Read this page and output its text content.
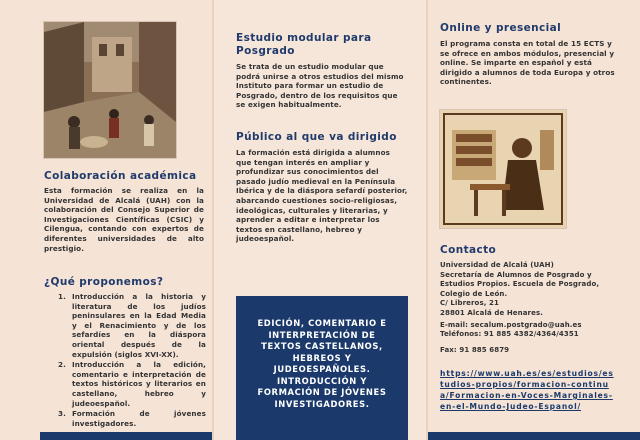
Colaboración académica
Esta formación se realiza en la Universidad de Alcalá (UAH) con la colaboración del Consejo Superior de Investigaciones Científicas (CSIC) y Cilengua, contando con expertos de diferentes universidades de alto prestigio.
¿Qué proponemos?
1. Introducción a la historia y literatura de los judíos peninsulares en la Edad Media y el Renacimiento y de los sefardíes en la diáspora oriental después de la expulsión (siglos XVI-XX).
2. Introducción a la edición, comentario e interpretación de textos históricos y literarios en castellano, hebreo y judeoespañol.
3. Formación de jóvenes investigadores.
Estudio modular para Posgrado
Se trata de un estudio modular que podrá unirse a otros estudios del mismo Instituto para formar un estudio de Posgrado, dentro de los requisitos que se exigen habitualmente.
Público al que va dirigido
La formación está dirigida a alumnos que tengan interés en ampliar y profundizar sus conocimientos del pasado judío medieval en la Península Ibérica y de la diáspora sefardí posterior, abarcando cuestiones socio-religiosas, ideológicas, culturales y literarias, y aprender a editar e interpretar los textos en castellano, hebreo y judeoespañol.
EDICIÓN, COMENTARIO E INTERPRETACIÓN DE TEXTOS CASTELLANOS, HEBREOS Y JUDEOESPAÑOLES. INTRODUCCIÓN Y FORMACIÓN DE JÓVENES INVESTIGADORES.
Online y presencial
El programa consta en total de 15 ECTS y se ofrece en ambos módulos, presencial y online. Se imparte en español y está dirigido a alumnos de toda Europa y otros continentes.
Contacto
Universidad de Alcalá (UAH)
Secretaría de Alumnos de Posgrado y Estudios Propios. Escuela de Posgrado, Colegio de León.
C/ Libreros, 21
28801 Alcalá de Henares.
E-mail: secalum.postgrado@uah.es
Teléfonos: 91 885 4382/4364/4351
Fax: 91 885 6879
https://www.uah.es/es/estudios/estudios-propios/formacion-continua/Formacion-en-Voces-Marginales-en-el-Mundo-Judeo-Espanol/
